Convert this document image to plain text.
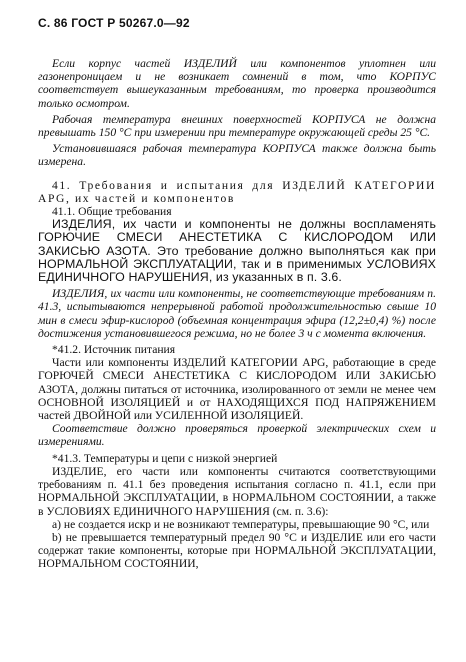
С. 86 ГОСТ Р 50267.0—92

Если корпус частей ИЗДЕЛИЙ или компонентов уплотнен или газонепроницаем и не возникает сомнений в том, что КОРПУС соответствует вышеуказанным требованиям, то проверка производится только осмотром.

Рабочая температура внешних поверхностей КОРПУСА не должна превышать 150 °С при измерении при температуре окружающей среды 25 °С.

Установившаяся рабочая температура КОРПУСА также должна быть измерена.

41. Требования и испытания для ИЗДЕЛИЙ КАТЕГОРИИ АРG, их частей и компонентов

41.1. Общие требования

ИЗДЕЛИЯ, их части и компоненты не должны воспламенять ГОРЮЧИЕ СМЕСИ АНЕСТЕТИКА С КИСЛОРОДОМ ИЛИ ЗАКИСЬЮ АЗОТА. Это требование должно выполняться как при НОРМАЛЬНОЙ ЭКСПЛУАТАЦИИ, так и в применимых УСЛОВИЯХ ЕДИНИЧНОГО НАРУШЕНИЯ, из указанных в п. 3.6.

ИЗДЕЛИЯ, их части или компоненты, не соответствующие требованиям п. 41.3, испытываются непрерывной работой продолжительностью свыше 10 мин в смеси эфир-кислород (объемная концентрация эфира (12,2±0,4) %) после достижения установившегося режима, но не более 3 ч с момента включения.

*41.2. Источник питания

Части или компоненты ИЗДЕЛИЙ КАТЕГОРИИ АРG, работающие в среде ГОРЮЧЕЙ СМЕСИ АНЕСТЕТИКА С КИСЛОРОДОМ ИЛИ ЗАКИСЬЮ АЗОТА, должны питаться от источника, изолированного от земли не менее чем ОСНОВНОЙ ИЗОЛЯЦИЕЙ и от НАХОДЯЩИХСЯ ПОД НАПРЯЖЕНИЕМ частей ДВОЙНОЙ или УСИЛЕННОЙ ИЗОЛЯЦИЕЙ.

Соответствие должно проверяться проверкой электрических схем и измерениями.

*41.3. Температуры и цепи с низкой энергией

ИЗДЕЛИЕ, его части или компоненты считаются соответствующими требованиям п. 41.1 без проведения испытания согласно п. 41.1, если при НОРМАЛЬНОЙ ЭКСПЛУАТАЦИИ, в НОРМАЛЬНОМ СОСТОЯНИИ, а также в УСЛОВИЯХ ЕДИНИЧНОГО НАРУШЕНИЯ (см. п. 3.6):

а) не создается искр и не возникают температуры, превышающие 90 °С, или

b) не превышается температурный предел 90 °С и ИЗДЕЛИЕ или его части содержат такие компоненты, которые при НОРМАЛЬНОЙ ЭКСПЛУАТАЦИИ, НОРМАЛЬНОМ СОСТОЯНИИ,
